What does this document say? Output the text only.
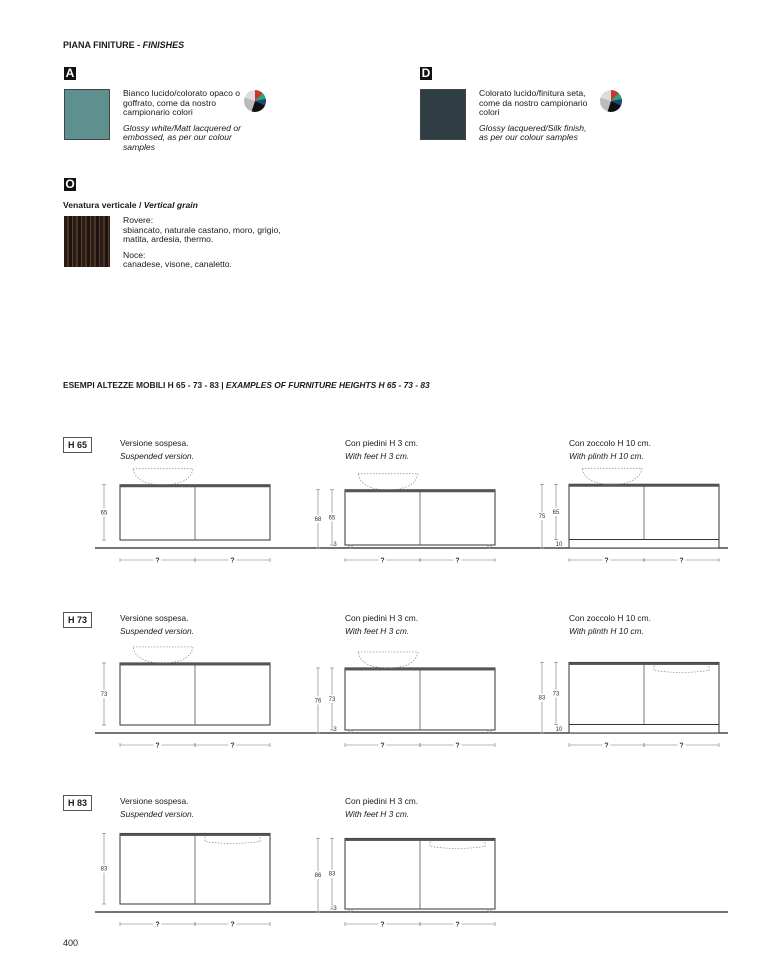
PIANA FINITURE - FINISHES
A
Bianco lucido/colorato opaco o goffrato, come da nostro campionario colori
Glossy white/Matt lacquered or embossed, as per our colour samples
D
Colorato lucido/finitura seta, come da nostro campionario colori
Glossy lacquered/Silk finish, as per our colour samples
O
Venatura verticale / Vertical grain
Rovere:
sbiancato, naturale castano, moro, grigio, matita, ardesia, thermo.
Noce:
canadese, visone, canaletto.
ESEMPI ALTEZZE MOBILI H 65 - 73 - 83 | EXAMPLES OF FURNITURE HEIGHTS H 65 - 73 - 83
H 65
65
?	?
68 65
3
?	?
75
65
10
?	?
Versione sospesa.
Suspended version.
Con piedini H 3 cm.
With feet H 3 cm.
Con zoccolo H 10 cm.
With plinth H 10 cm.
H 73
73
?	?
76 73
3
?	?
83
73
10
?	?
Versione sospesa.
Suspended version.
Con piedini H 3 cm.
With feet H 3 cm.
Con zoccolo H 10 cm.
With plinth H 10 cm.
H 83
83
?	?
86 83
3
?	?
Versione sospesa.
Suspended version.
Con piedini H 3 cm.
With feet H 3 cm.
400
